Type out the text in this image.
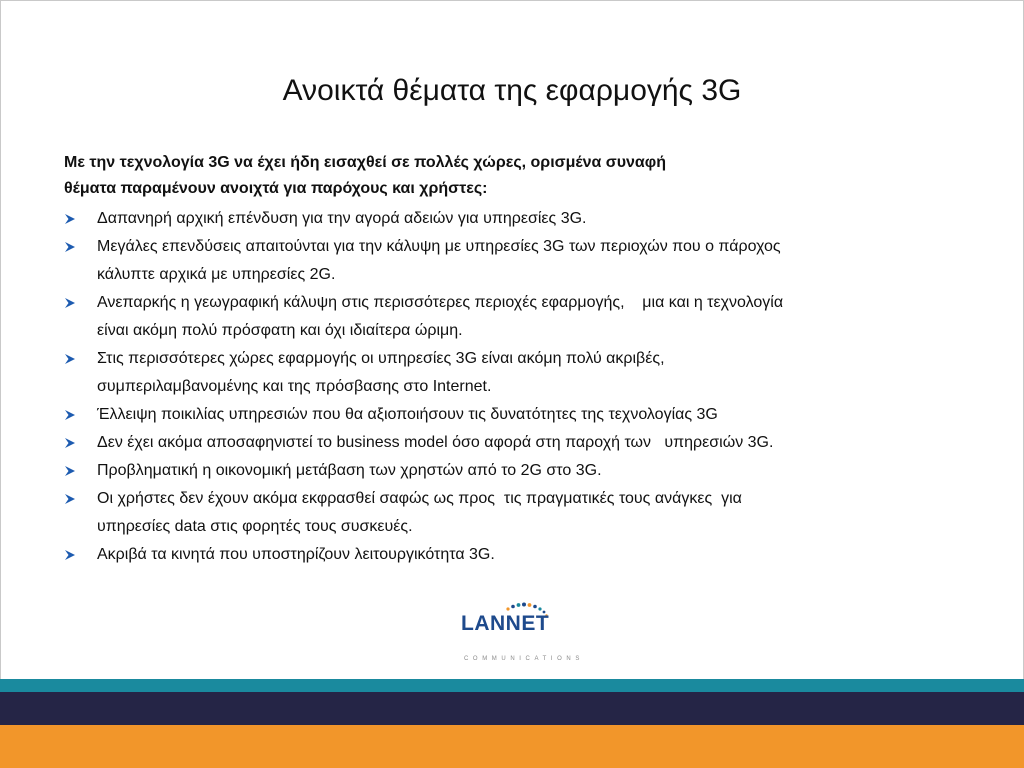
Ανοικτά θέματα της εφαρμογής 3G
Με την τεχνολογία 3G να έχει ήδη εισαχθεί σε πολλές χώρες, ορισμένα συναφή
θέματα παραμένουν ανοιχτά για παρόχους και χρήστες:
Δαπανηρή αρχική επένδυση για την αγορά αδειών για υπηρεσίες 3G.
Μεγάλες επενδύσεις απαιτούνται για την κάλυψη με υπηρεσίες 3G των περιοχών που ο πάροχος
κάλυπτε αρχικά με υπηρεσίες 2G.
Ανεπαρκής η γεωγραφική κάλυψη στις περισσότερες περιοχές εφαρμογής,    μια και η τεχνολογία
είναι ακόμη πολύ πρόσφατη και όχι ιδιαίτερα ώριμη.
Στις περισσότερες χώρες εφαρμογής οι υπηρεσίες 3G είναι ακόμη πολύ ακριβές,
συμπεριλαμβανομένης και της πρόσβασης στο Internet.
Έλλειψη ποικιλίας υπηρεσιών που θα αξιοποιήσουν τις δυνατότητες της τεχνολογίας 3G
Δεν έχει ακόμα αποσαφηνιστεί το business model όσο αφορά στη παροχή των   υπηρεσιών 3G.
Προβληματική η οικονομική μετάβαση των χρηστών από το 2G στο 3G.
Οι χρήστες δεν έχουν ακόμα εκφρασθεί σαφώς ως προς  τις πραγματικές τους ανάγκες  για
υπηρεσίες data στις φορητές τους συσκευές.
Ακριβά τα κινητά που υποστηρίζουν λειτουργικότητα 3G.
LANNET
COMMUNICATIONS
